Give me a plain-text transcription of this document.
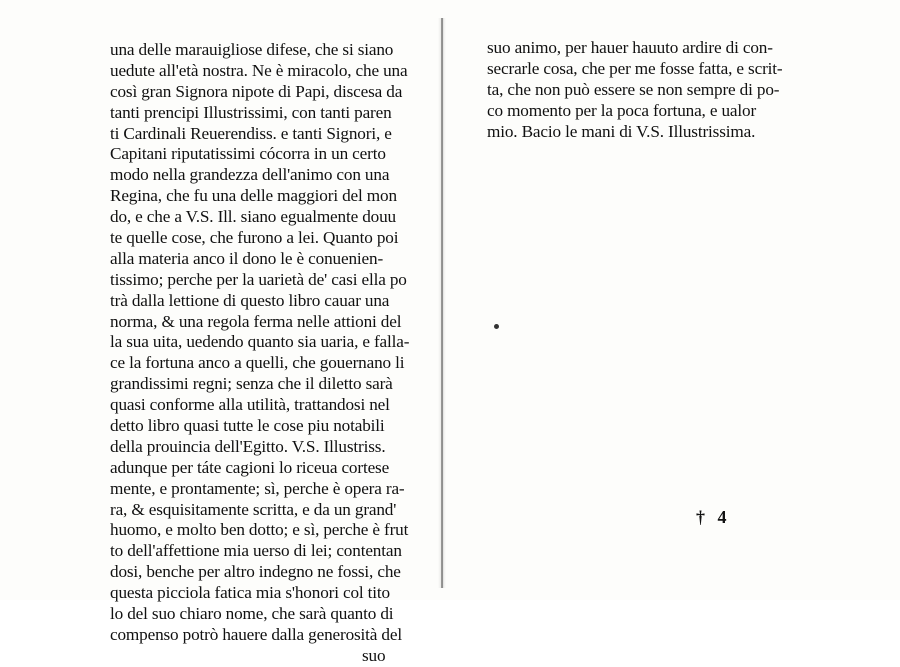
una delle marauigliose difese, che si siano
uedute all'età nostra. Ne è miracolo, che una
così gran Signora nipote di Papi, discesa da
tanti prencipi Illustrissimi, con tanti paren
ti Cardinali Reuerendiss. e tanti Signori, e
Capitani riputatissimi cócorra in un certo
modo nella grandezza dell'animo con una
Regina, che fu una delle maggiori del mon
do, e che a V.S. Ill. siano egualmente douu
te quelle cose, che furono a lei. Quanto poi
alla materia anco il dono le è conuenien-
tissimo; perche per la uarietà de' casi ella po
trà dalla lettione di questo libro cauar una
norma, & una regola ferma nelle attioni del
la sua uita, uedendo quanto sia uaria, e falla-
ce la fortuna anco a quelli, che gouernano li
grandissimi regni; senza che il diletto sarà
quasi conforme alla utilità, trattandosi nel
detto libro quasi tutte le cose piu notabili
della prouincia dell'Egitto. V.S. Illustriss.
adunque per táte cagioni lo riceua cortese
mente, e prontamente; sì, perche è opera ra-
ra, & esquisitamente scritta, e da un grand'
huomo, e molto ben dotto; e sì, perche è frut
to dell'affettione mia uerso di lei; contentan
dosi, benche per altro indegno ne fossi, che
questa picciola fatica mia s'honori col tito
lo del suo chiaro nome, che sarà quanto di
compenso potrò hauere dalla generosità del
suo
suo animo, per hauer hauuto ardire di con-
secrarle cosa, che per me fosse fatta, e scrit-
ta, che non può essere se non sempre di po-
co momento per la poca fortuna, e ualor
mio. Bacio le mani di V.S. Illustrissima.
† 4
